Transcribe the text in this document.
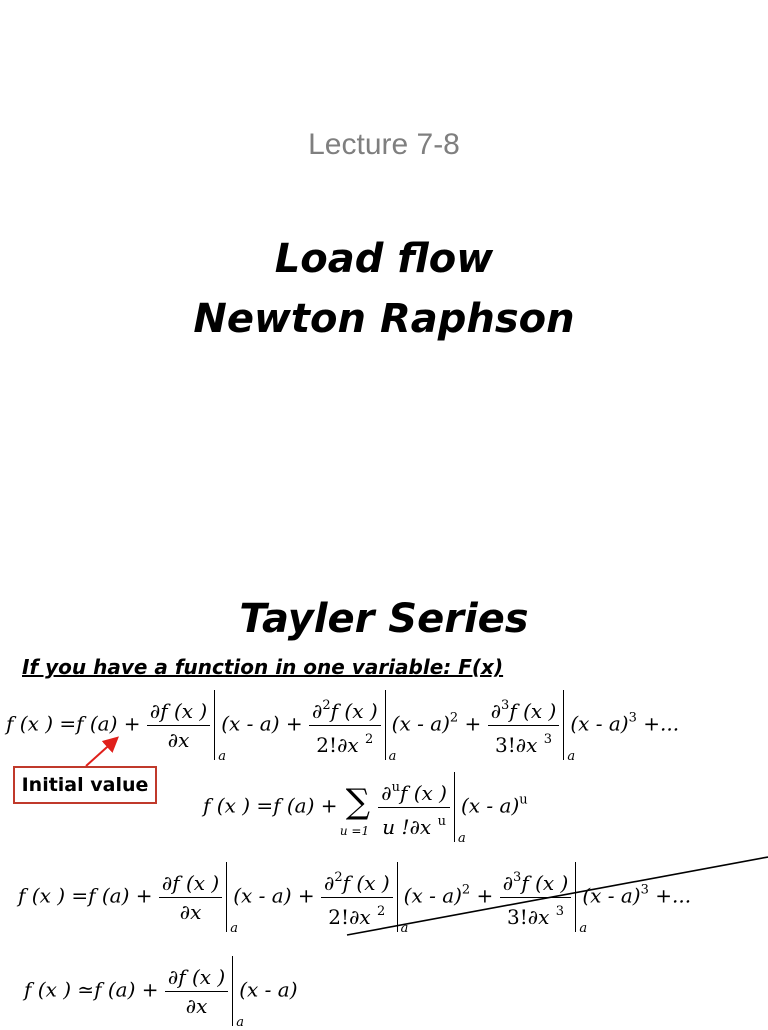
Lecture 7-8
Load flow
Newton Raphson
Tayler Series
If you have a function in one variable: F(x)
f (x ) =f $(a) + \frac{\partial f (x )}{\partial x}$
a
$(x - a) + \frac{\partial^2f (x )}{2!\partial x ^2}$ a
$(x - a)^2 + \frac{\partial^3f (x )}{3!\partial x ^3}$ a
(x - a)$^3$ +...
Initial value
f (x ) =f (a) + ∑
u =1
$\frac{\partial^uf (x )}{u !\partial x ^u}$ a
(x - a)$^u$
f (x ) =f $(a) + \frac{\partial f (x )}{\partial x}$
a
$(x - a) + \frac{\partial^2f (x )}{2!\partial x ^2}$ a
$(x - a)^2 + \frac{\partial^3f (x )}{3!\partial x ^3}$ a
(x - a)$^3$ +...
f (x ) ≃f $(a) + \frac{\partial f (x )}{\partial x}$
a
(x - a)
